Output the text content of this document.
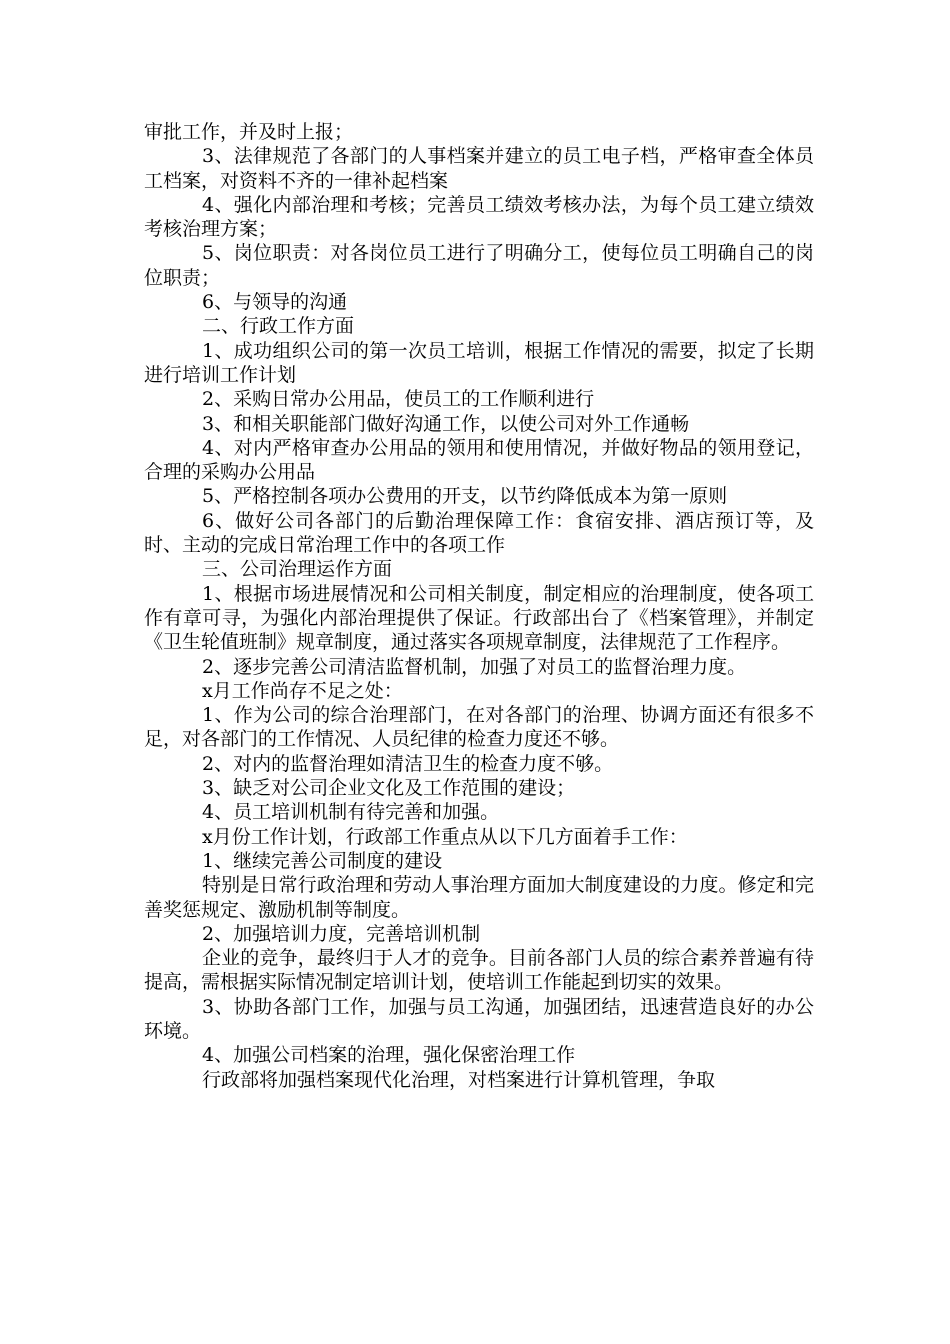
审批工作，并及时上报；

3、法律规范了各部门的人事档案并建立的员工电子档，严格审查全体员工档案，对资料不齐的一律补起档案

4、强化内部治理和考核；完善员工绩效考核办法，为每个员工建立绩效考核治理方案；

5、岗位职责：对各岗位员工进行了明确分工，使每位员工明确自己的岗位职责；

6、与领导的沟通

二、行政工作方面

1、成功组织公司的第一次员工培训，根据工作情况的需要，拟定了长期进行培训工作计划

2、采购日常办公用品，使员工的工作顺利进行

3、和相关职能部门做好沟通工作，以使公司对外工作通畅

4、对内严格审查办公用品的领用和使用情况，并做好物品的领用登记，合理的采购办公用品

5、严格控制各项办公费用的开支，以节约降低成本为第一原则

6、做好公司各部门的后勤治理保障工作：食宿安排、酒店预订等，及时、主动的完成日常治理工作中的各项工作

三、公司治理运作方面

1、根据市场进展情况和公司相关制度，制定相应的治理制度，使各项工作有章可寻，为强化内部治理提供了保证。行政部出台了《档案管理》，并制定《卫生轮值班制》规章制度，通过落实各项规章制度，法律规范了工作程序。

2、逐步完善公司清洁监督机制，加强了对员工的监督治理力度。

x月工作尚存不足之处：

1、作为公司的综合治理部门，在对各部门的治理、协调方面还有很多不足，对各部门的工作情况、人员纪律的检查力度还不够。

2、对内的监督治理如清洁卫生的检查力度不够。

3、缺乏对公司企业文化及工作范围的建设；

4、员工培训机制有待完善和加强。

x月份工作计划，行政部工作重点从以下几方面着手工作：

1、继续完善公司制度的建设

特别是日常行政治理和劳动人事治理方面加大制度建设的力度。修定和完善奖惩规定、激励机制等制度。

2、加强培训力度，完善培训机制

企业的竞争，最终归于人才的竞争。目前各部门人员的综合素养普遍有待提高，需根据实际情况制定培训计划，使培训工作能起到切实的效果。

3、协助各部门工作，加强与员工沟通，加强团结，迅速营造良好的办公环境。

4、加强公司档案的治理，强化保密治理工作

行政部将加强档案现代化治理，对档案进行计算机管理，争取
